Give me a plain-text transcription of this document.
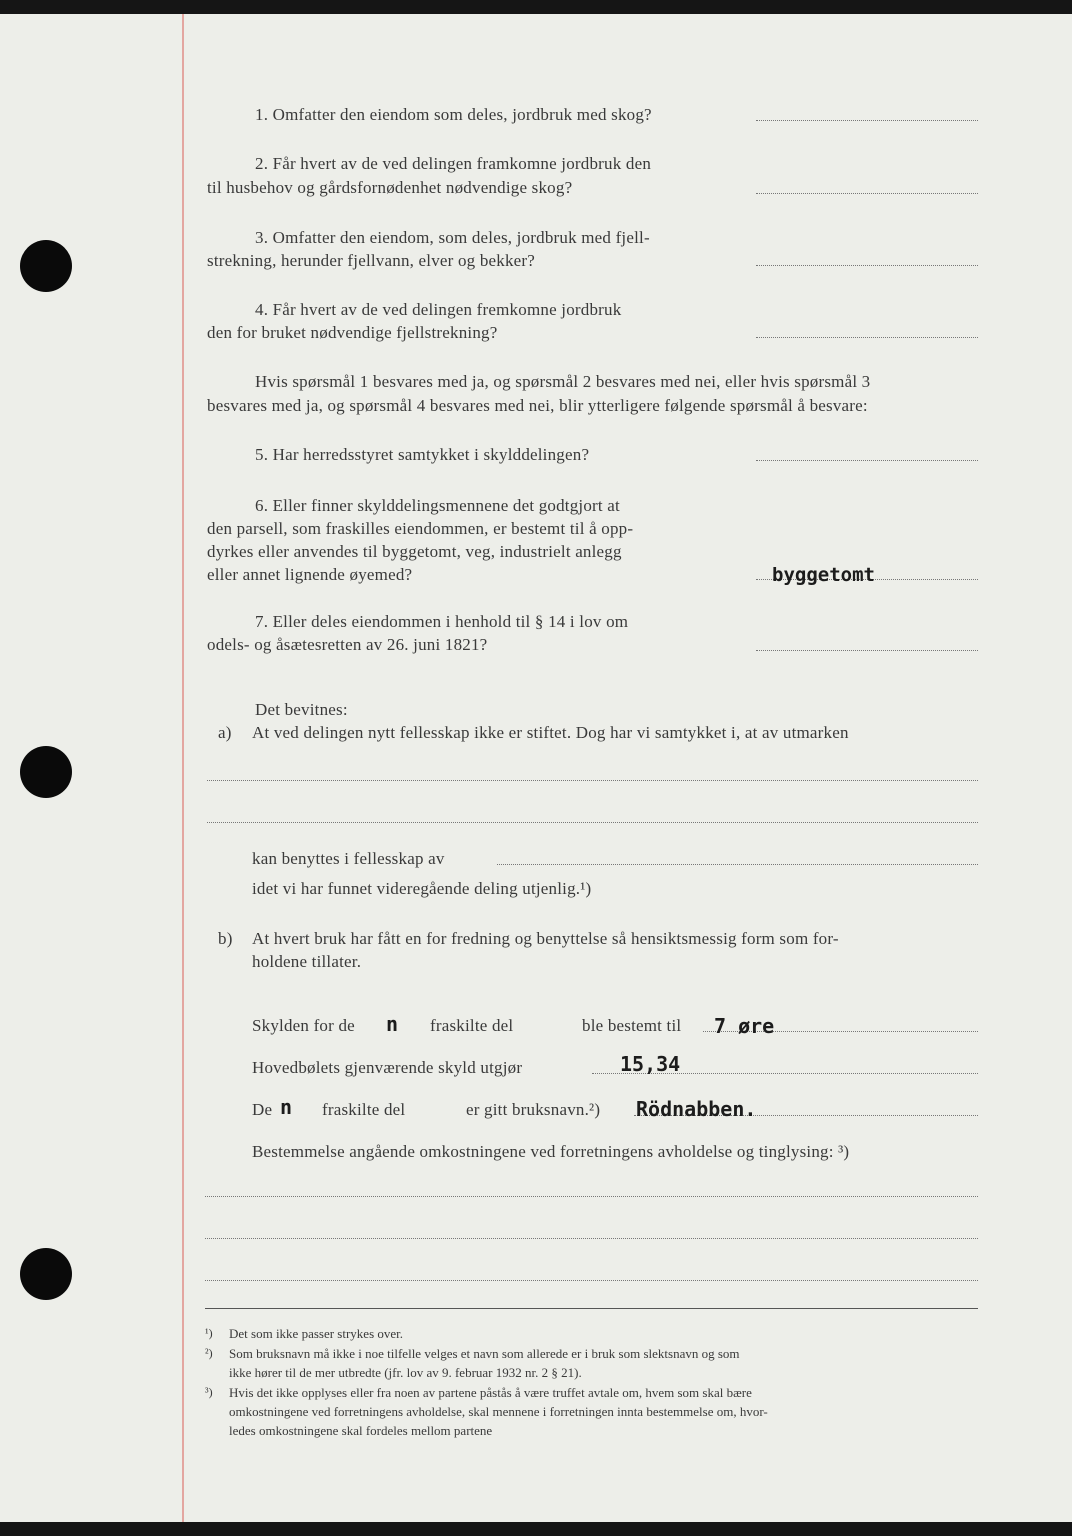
1. Omfatter den eiendom som deles, jordbruk med skog?
2. Får hvert av de ved delingen framkomne jordbruk den
til husbehov og gårdsfornødenhet nødvendige skog?
3. Omfatter den eiendom, som deles, jordbruk med fjell-
strekning, herunder fjellvann, elver og bekker?
4. Får hvert av de ved delingen fremkomne jordbruk
den for bruket nødvendige fjellstrekning?
Hvis spørsmål 1 besvares med ja, og spørsmål 2 besvares med nei, eller hvis spørsmål 3
besvares med ja, og spørsmål 4 besvares med nei, blir ytterligere følgende spørsmål å besvare:
5. Har herredsstyret samtykket i skylddelingen?
6. Eller finner skylddelingsmennene det godtgjort at
den parsell, som fraskilles eiendommen, er bestemt til å opp-
dyrkes eller anvendes til byggetomt, veg, industrielt anlegg
eller annet lignende øyemed?	byggetomt
7. Eller deles eiendommen i henhold til § 14 i lov om
odels- og åsætesretten av 26. juni 1821?
Det bevitnes:
a) At ved delingen nytt fellesskap ikke er stiftet. Dog har vi samtykket i, at av utmarken
kan benyttes i fellesskap av
idet vi har funnet videregående deling utjenlig.¹)
b) At hvert bruk har fått en for fredning og benyttelse så hensiktsmessig form som for-
holdene tillater.
Skylden for de n fraskilte del	ble bestemt til 7 øre
Hovedbølets gjenværende skyld utgjør	15,34
De n fraskilte del	er gitt bruksnavn.²) Rödnabben.
Bestemmelse angående omkostningene ved forretningens avholdelse og tinglysing: ³)
¹) Det som ikke passer strykes over.
²) Som bruksnavn må ikke i noe tilfelle velges et navn som allerede er i bruk som slektsnavn og som
ikke hører til de mer utbredte (jfr. lov av 9. februar 1932 nr. 2 § 21).
³) Hvis det ikke opplyses eller fra noen av partene påstås å være truffet avtale om, hvem som skal bære
omkostningene ved forretningens avholdelse, skal mennene i forretningen innta bestemmelse om, hvor-
ledes omkostningene skal fordeles mellom partene
